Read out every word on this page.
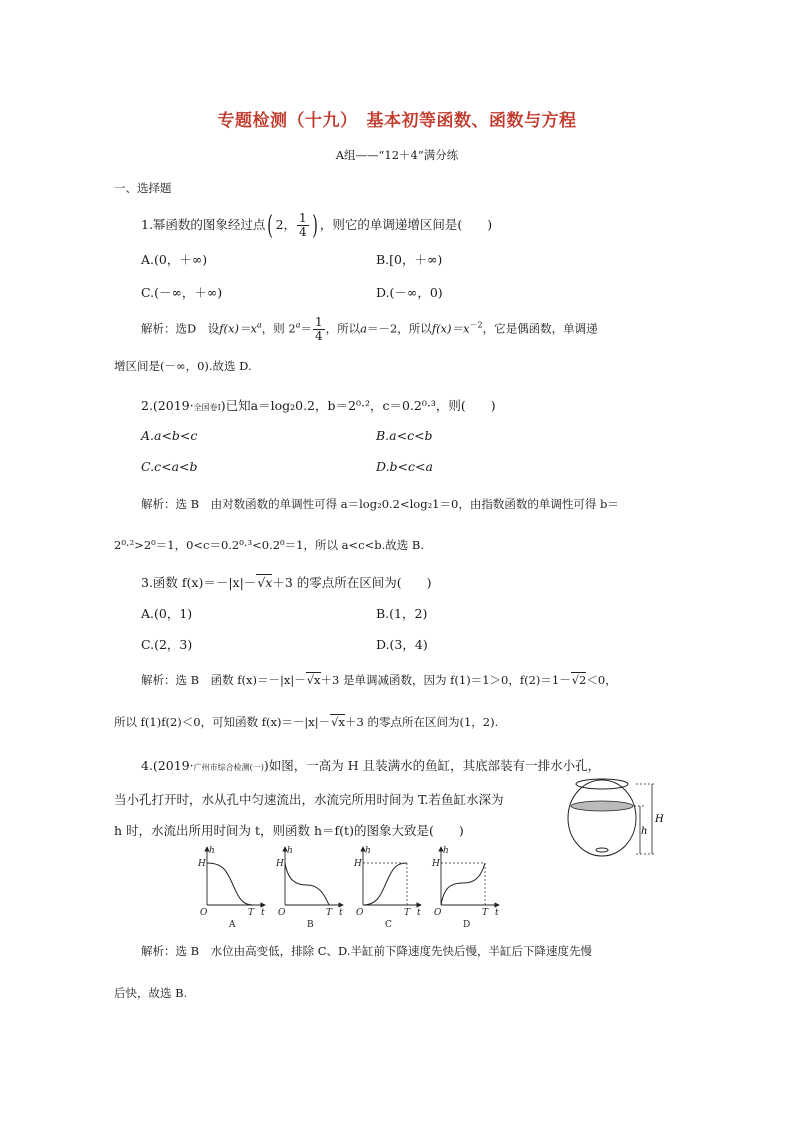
专题检测（十九）　基本初等函数、函数与方程
A组——“12＋4”满分练
一、选择题
1.幂函数的图象经过点( 2， $\frac{1}{4}$ ) ，则它的单调递增区间是(　　)
A.(0，＋∞)	B.[0，＋∞)
C.(－∞，＋∞)	D.(－∞，0)
解析：选D　设$f(x)=x^a$，则 $2^a= \frac{1}{4}$ ，所以a＝－2，所以$f(x)=x^{-2}$，它是偶函数，单调递
增区间是(－∞，0).故选 D.
2.(2019·全国卷Ⅰ)已知a＝log₂0.2，b＝2⁰·²，c＝0.2⁰·³，则(　　)
A.a<b<c	B.a<c<b
C.c<a<b	D.b<c<a
解析：选 B　由对数函数的单调性可得 a＝log₂0.2<log₂1＝0，由指数函数的单调性可得 b＝
2⁰·²>2⁰＝1，0<c＝0.2⁰·³<0.2⁰＝1，所以 a<c<b.故选 B.
3.函数 f(x)＝－|x|－√x＋3 的零点所在区间为(　　)
A.(0，1)	B.(1，2)
C.(2，3)	D.(3，4)
解析：选 B　函数 f(x)＝－|x|－√x＋3 是单调减函数，因为 f(1)＝1＞0，f(2)＝1－√2＜0，
所以 f(1)f(2)＜0，可知函数 f(x)＝－|x|－√x＋3 的零点所在区间为(1，2).
4.(2019·广州市综合检测(一))如图，一高为 H 且装满水的鱼缸，其底部装有一排水小孔，
当小孔打开时，水从孔中匀速流出，水流完所用时间为 T.若鱼缸水深为
h 时，水流出所用时间为 t，则函数 h＝f(t)的图象大致是(　　)
H
h
h
H
O	T t
A
h
H
O	T t
B
h
H
O	T t
C
h
H
O	T t
D
解析：选 B　水位由高变低，排除 C、D.半缸前下降速度先快后慢，半缸后下降速度先慢
后快，故选 B.
